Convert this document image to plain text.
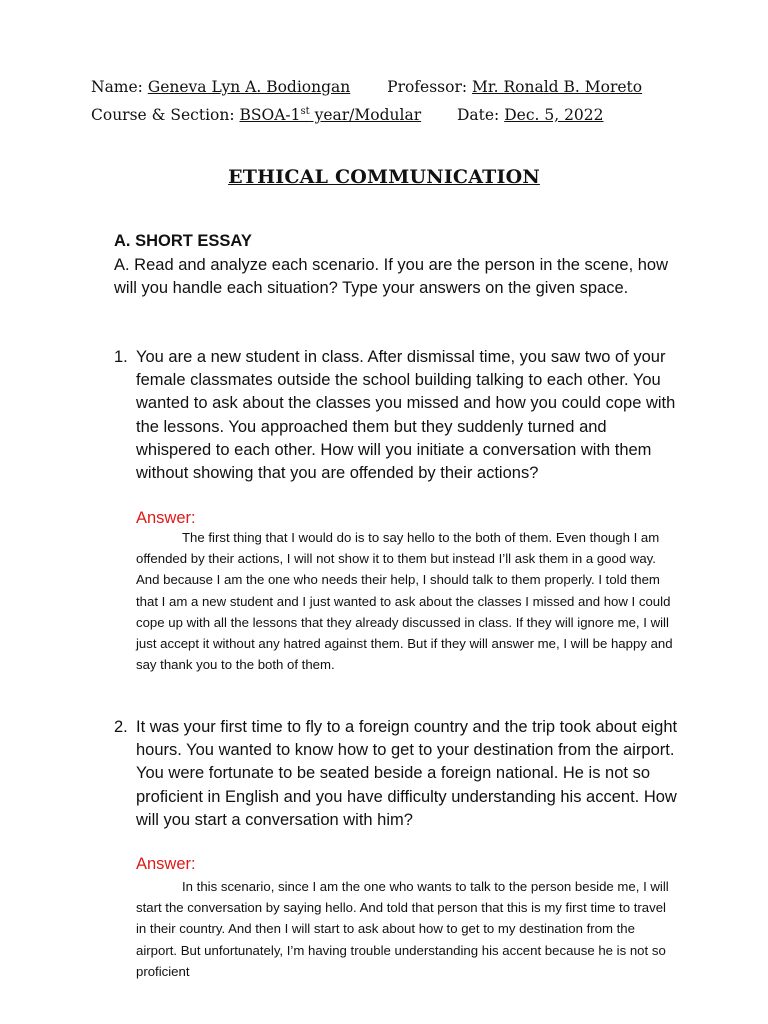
Name: Geneva Lyn A. Bodiongan Professor: Mr. Ronald B. Moreto
Course & Section: BSOA-1st year/Modular Date: Dec. 5, 2022
ETHICAL COMMUNICATION
A. SHORT ESSAY
A. Read and analyze each scenario. If you are the person in the scene, how will you handle each situation? Type your answers on the given space.
1. You are a new student in class. After dismissal time, you saw two of your female classmates outside the school building talking to each other. You wanted to ask about the classes you missed and how you could cope with the lessons. You approached them but they suddenly turned and whispered to each other. How will you initiate a conversation with them without showing that you are offended by their actions?
Answer:
The first thing that I would do is to say hello to the both of them. Even though I am offended by their actions, I will not show it to them but instead I’ll ask them in a good way. And because I am the one who needs their help, I should talk to them properly. I told them that I am a new student and I just wanted to ask about the classes I missed and how I could cope up with all the lessons that they already discussed in class. If they will ignore me, I will just accept it without any hatred against them. But if they will answer me, I will be happy and say thank you to the both of them.
2. It was your first time to fly to a foreign country and the trip took about eight hours. You wanted to know how to get to your destination from the airport. You were fortunate to be seated beside a foreign national. He is not so proficient in English and you have difficulty understanding his accent. How will you start a conversation with him?
Answer:
In this scenario, since I am the one who wants to talk to the person beside me, I will start the conversation by saying hello. And told that person that this is my first time to travel in their country. And then I will start to ask about how to get to my destination from the airport. But unfortunately, I’m having trouble understanding his accent because he is not so proficient
